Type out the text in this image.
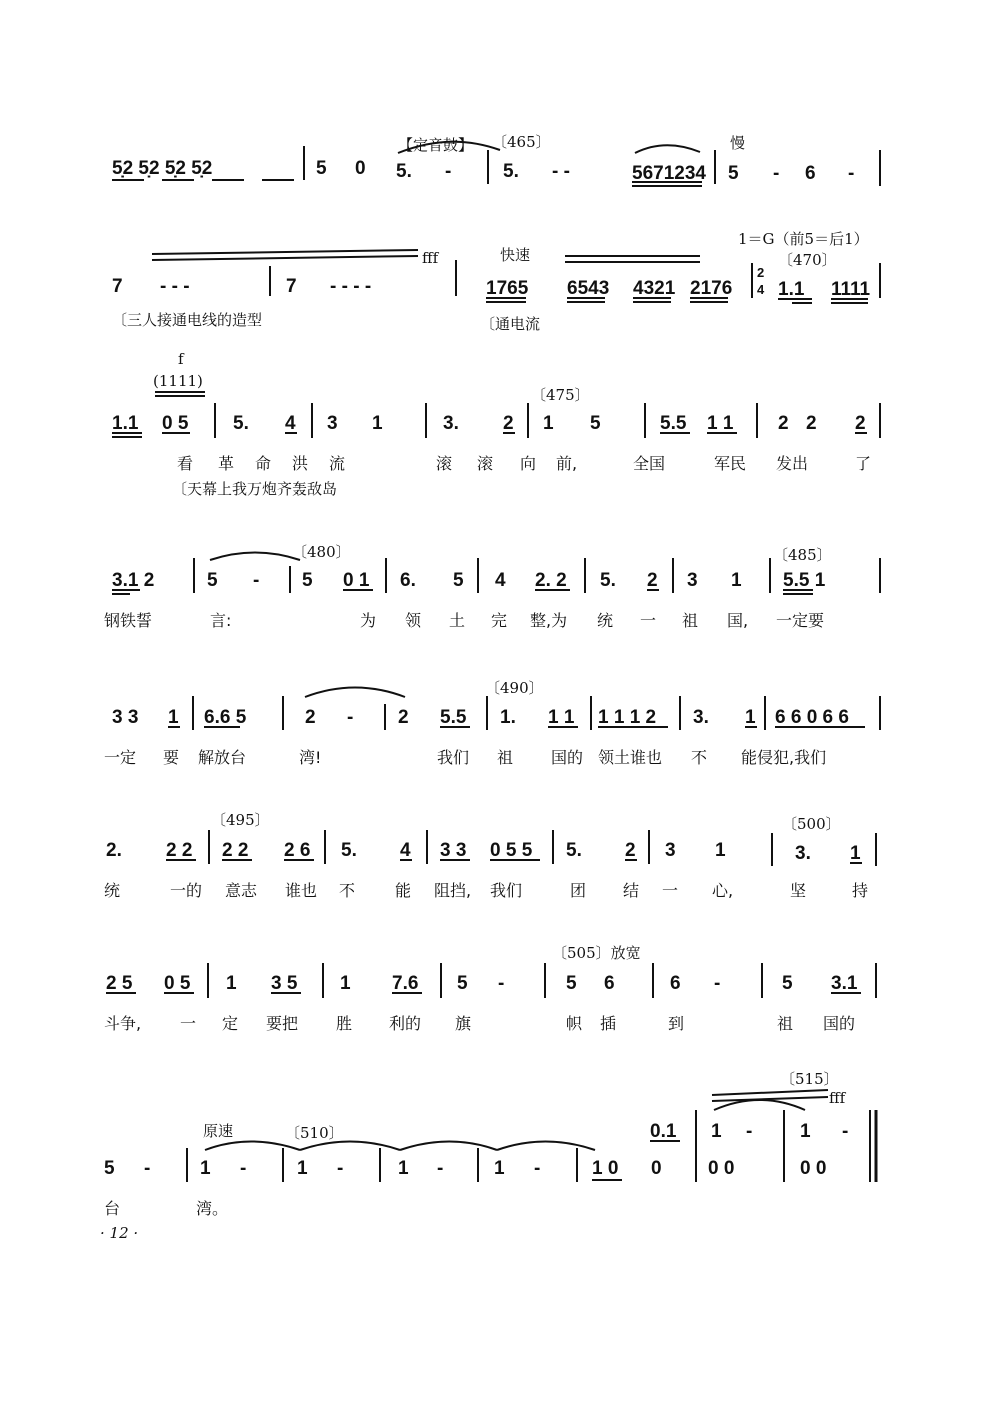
5̣2 5̣2 5̣2 5̣2	5 0 5. -	5. - -	5671234 5 - 6 -
【定音鼓】 〔465〕	慢
7 - - -	7 - - - -	1765 6543 4321 2176 1.1 1111
fff	快速
1＝G（前5＝后1）
〔470〕
〔三人接通电线的造型	〔通电流
2
4
1.1 0 5 5. 4 3 1	3. 2 1 5	5.5 1 1 2 2 2
f
(1111)
〔475〕
〔天幕上我万炮齐轰敌岛
看 革 命 洪 流	滚 滚 向 前,	全国	军民 发出	了
3.1 2	5 - 5 0 1 6. 5 4 2. 2 5. 2 3 1 5.5 1
〔480〕	〔485〕
钢铁誓	言:	为 领 土 完 整,为 统 一 祖 国, 一定要
3 3 1 6.6 5	2 - 2 5.5 1. 1 1 1 1 1 2 3. 1 6 6 0 6 6
〔490〕
一定 要 解放台	湾!	我们 祖 国的 领土谁也 不 能侵犯,我们
2. 2 2 2 2 2 6 5. 4 3 3 0 5 5 5. 2 3 1	3. 1
〔495〕	〔500〕
统	一的 意志 谁也 不 能 阻挡, 我们	团 结 一 心,	坚	持
2 5 0 5 1 3 5 1 7.6 5 -	5 6	6 -	5 3.1
〔505〕放宽
斗争, 一 定 要把 胜 利的 旗	帜 插	到	祖 国的
5 -	1 -	1 -	1 -	1 -	1 0 0
0.1 1 -	1 -
0 0	0 0
原速	〔510〕
〔515〕
fff
台	湾。
· 12 ·
